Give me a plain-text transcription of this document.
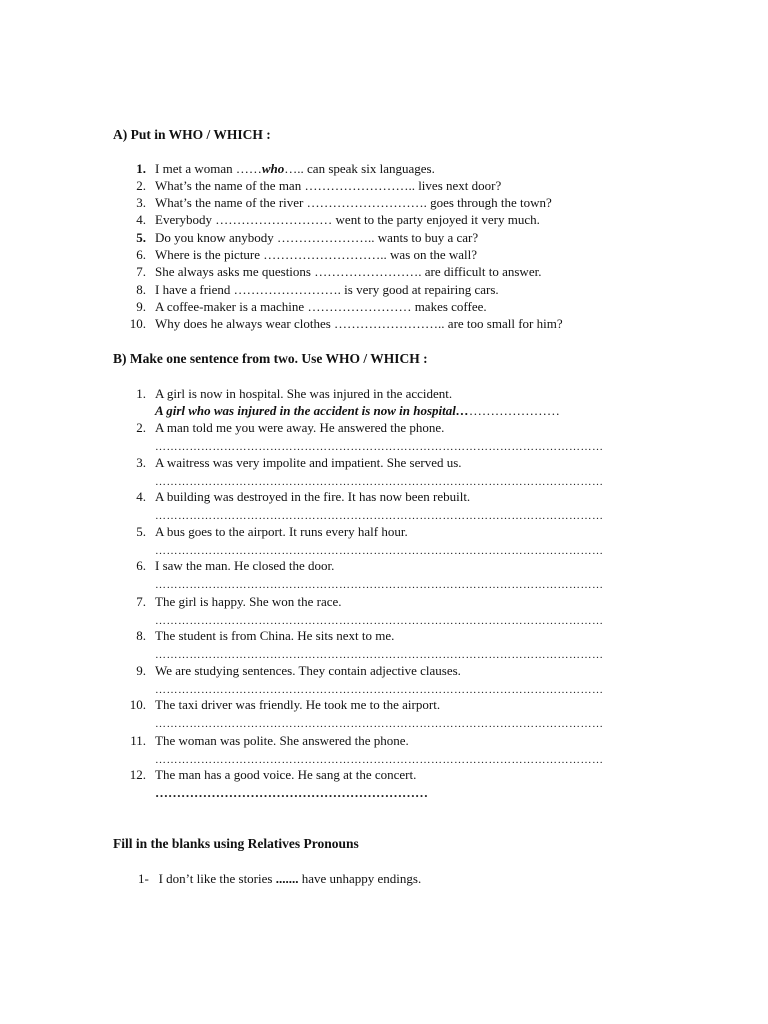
A) Put in WHO / WHICH :
1. I met a woman ……who….. can speak six languages.
2. What’s the name of the man …………………….. lives next door?
3. What’s the name of the river ………………………. goes through the town?
4. Everybody ……………………… went to the party enjoyed it very much.
5. Do you know anybody ………………….. wants to buy a car?
6. Where is the picture ……………………….. was on the wall?
7. She always asks me questions ……………………. are difficult to answer.
8. I have a friend ……………………. is very good at repairing cars.
9. A coffee-maker is a machine …………………… makes coffee.
10. Why does he always wear clothes …………………….. are too small for him?
B) Make one sentence from two. Use WHO / WHICH :
1. A girl is now in hospital. She was injured in the accident.
A girl who was injured in the accident is now in hospital……………………
2. A man told me you were away. He answered the phone.
………………………………………………………………………………………………………
3. A waitress was very impolite and impatient. She served us.
………………………………………………………………………………………………………
4. A building was destroyed in the fire. It has now been rebuilt.
………………………………………………………………………………………………………
5. A bus goes to the airport. It runs every half hour.
………………………………………………………………………………………………………
6. I saw the man. He closed the door.
………………………………………………………………………………………………………
7. The girl is happy. She won the race.
………………………………………………………………………………………………………
8. The student is from China. He sits next to me.
………………………………………………………………………………………………………
9. We are studying sentences. They contain adjective clauses.
………………………………………………………………………………………………………
10. The taxi driver was friendly. He took me to the airport.
………………………………………………………………………………………………………
11. The woman was polite. She answered the phone.
………………………………………………………………………………………………………
12. The man has a good voice. He sang at the concert.
………………………………………………………
Fill in the blanks using Relatives Pronouns
1- I don’t like the stories ....... have unhappy endings.
